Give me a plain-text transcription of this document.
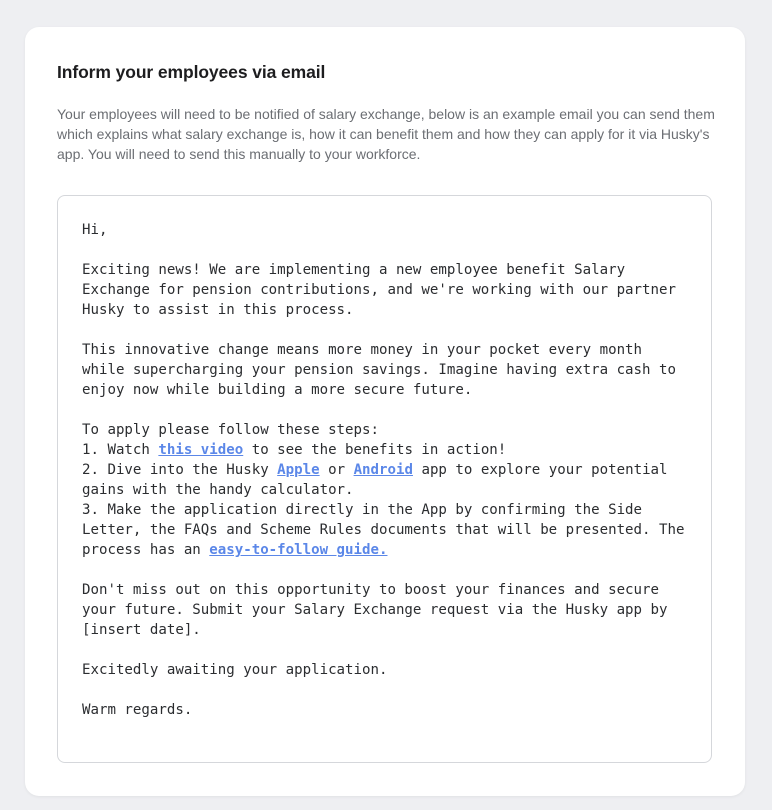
Inform your employees via email

Your employees will need to be notified of salary exchange, below is an example email you can send them which explains what salary exchange is, how it can benefit them and how they can apply for it via Husky's app. You will need to send this manually to your workforce.

Hi,
Exciting news! We are implementing a new employee benefit Salary
Exchange for pension contributions, and we're working with our partner
Husky to assist in this process.
This innovative change means more money in your pocket every month
while supercharging your pension savings. Imagine having extra cash to
enjoy now while building a more secure future.
To apply please follow these steps:
1. Watch this video to see the benefits in action!
2. Dive into the Husky Apple or Android app to explore your potential
gains with the handy calculator.
3. Make the application directly in the App by confirming the Side
Letter, the FAQs and Scheme Rules documents that will be presented. The
process has an easy-to-follow guide.
Don't miss out on this opportunity to boost your finances and secure
your future. Submit your Salary Exchange request via the Husky app by
[insert date].
Excitedly awaiting your application.
Warm regards.
